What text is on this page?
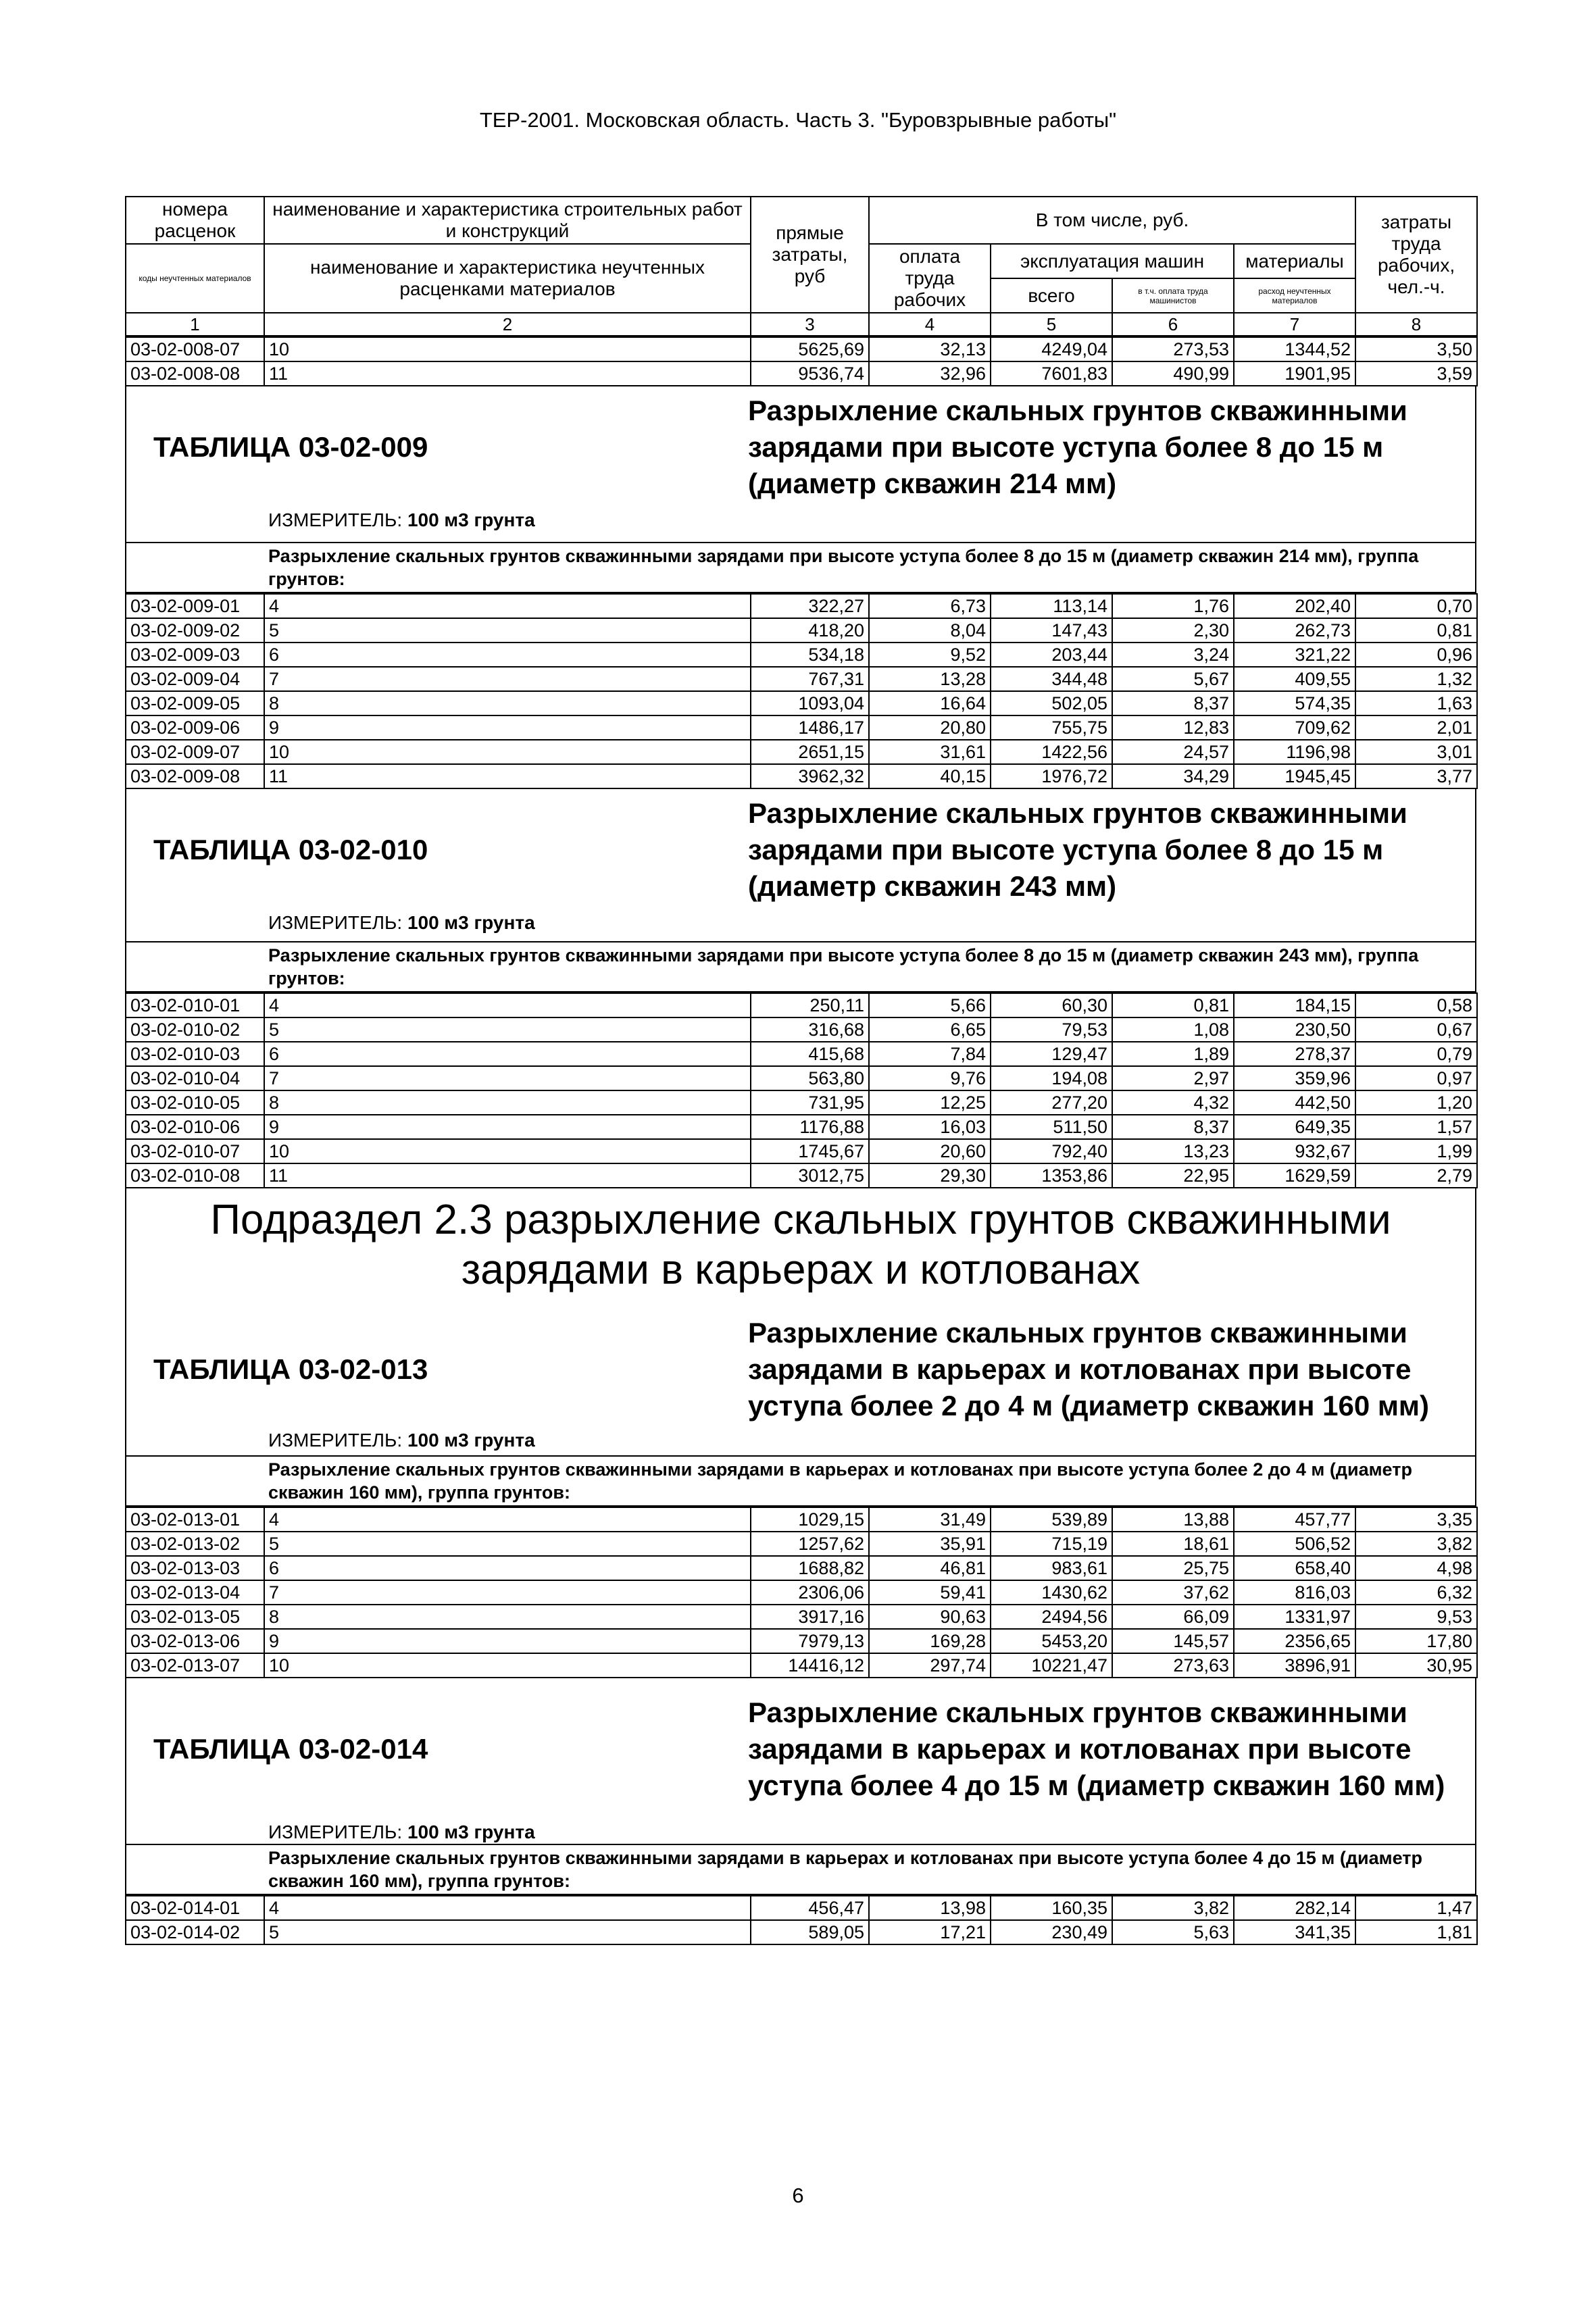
ТЕР-2001. Московская область. Часть 3. "Буровзрывные работы"
номера расценок	наименование и характеристика строительных работ и конструкций	прямые затраты, руб	В том числе, руб.				затраты труда рабочих, чел.-ч.
коды неучтенных материалов	наименование и характеристика неучтенных расценками материалов		оплата труда рабочих	эксплуатация машин		материалы	
				всего	в т.ч. оплата труда машинистов	расход неучтенных материалов	
1	2	3	4	5	6	7	8
03-02-008-07	10	5625,69	32,13	4249,04	273,53	1344,52	3,50
03-02-008-08	11	9536,74	32,96	7601,83	490,99	1901,95	3,59
ТАБЛИЦА 03-02-009
Разрыхление скальных грунтов скважинными зарядами при высоте уступа более 8 до 15 м (диаметр скважин 214 мм)
ИЗМЕРИТЕЛЬ: 100 м3 грунта
Разрыхление скальных грунтов скважинными зарядами при высоте уступа более 8 до 15 м (диаметр скважин 214 мм), группа грунтов:
03-02-009-01	4	322,27	6,73	113,14	1,76	202,40	0,70
03-02-009-02	5	418,20	8,04	147,43	2,30	262,73	0,81
03-02-009-03	6	534,18	9,52	203,44	3,24	321,22	0,96
03-02-009-04	7	767,31	13,28	344,48	5,67	409,55	1,32
03-02-009-05	8	1093,04	16,64	502,05	8,37	574,35	1,63
03-02-009-06	9	1486,17	20,80	755,75	12,83	709,62	2,01
03-02-009-07	10	2651,15	31,61	1422,56	24,57	1196,98	3,01
03-02-009-08	11	3962,32	40,15	1976,72	34,29	1945,45	3,77
ТАБЛИЦА 03-02-010
Разрыхление скальных грунтов скважинными зарядами при высоте уступа более 8 до 15 м (диаметр скважин 243 мм)
ИЗМЕРИТЕЛЬ: 100 м3 грунта
Разрыхление скальных грунтов скважинными зарядами при высоте уступа более 8 до 15 м (диаметр скважин 243 мм), группа грунтов:
03-02-010-01	4	250,11	5,66	60,30	0,81	184,15	0,58
03-02-010-02	5	316,68	6,65	79,53	1,08	230,50	0,67
03-02-010-03	6	415,68	7,84	129,47	1,89	278,37	0,79
03-02-010-04	7	563,80	9,76	194,08	2,97	359,96	0,97
03-02-010-05	8	731,95	12,25	277,20	4,32	442,50	1,20
03-02-010-06	9	1176,88	16,03	511,50	8,37	649,35	1,57
03-02-010-07	10	1745,67	20,60	792,40	13,23	932,67	1,99
03-02-010-08	11	3012,75	29,30	1353,86	22,95	1629,59	2,79
Подраздел 2.3 разрыхление скальных грунтов скважинными зарядами в карьерах и котлованах
ТАБЛИЦА 03-02-013
Разрыхление скальных грунтов скважинными зарядами в карьерах и котлованах при высоте уступа более 2 до 4 м (диаметр скважин 160 мм)
ИЗМЕРИТЕЛЬ: 100 м3 грунта
Разрыхление скальных грунтов скважинными зарядами в карьерах и котлованах при высоте уступа более 2 до 4 м (диаметр скважин 160 мм), группа грунтов:
03-02-013-01	4	1029,15	31,49	539,89	13,88	457,77	3,35
03-02-013-02	5	1257,62	35,91	715,19	18,61	506,52	3,82
03-02-013-03	6	1688,82	46,81	983,61	25,75	658,40	4,98
03-02-013-04	7	2306,06	59,41	1430,62	37,62	816,03	6,32
03-02-013-05	8	3917,16	90,63	2494,56	66,09	1331,97	9,53
03-02-013-06	9	7979,13	169,28	5453,20	145,57	2356,65	17,80
03-02-013-07	10	14416,12	297,74	10221,47	273,63	3896,91	30,95
ТАБЛИЦА 03-02-014
Разрыхление скальных грунтов скважинными зарядами в карьерах и котлованах при высоте уступа более 4 до 15 м (диаметр скважин 160 мм)
ИЗМЕРИТЕЛЬ: 100 м3 грунта
Разрыхление скальных грунтов скважинными зарядами в карьерах и котлованах при высоте уступа более 4 до 15 м (диаметр скважин 160 мм), группа грунтов:
03-02-014-01	4	456,47	13,98	160,35	3,82	282,14	1,47
03-02-014-02	5	589,05	17,21	230,49	5,63	341,35	1,81
6
